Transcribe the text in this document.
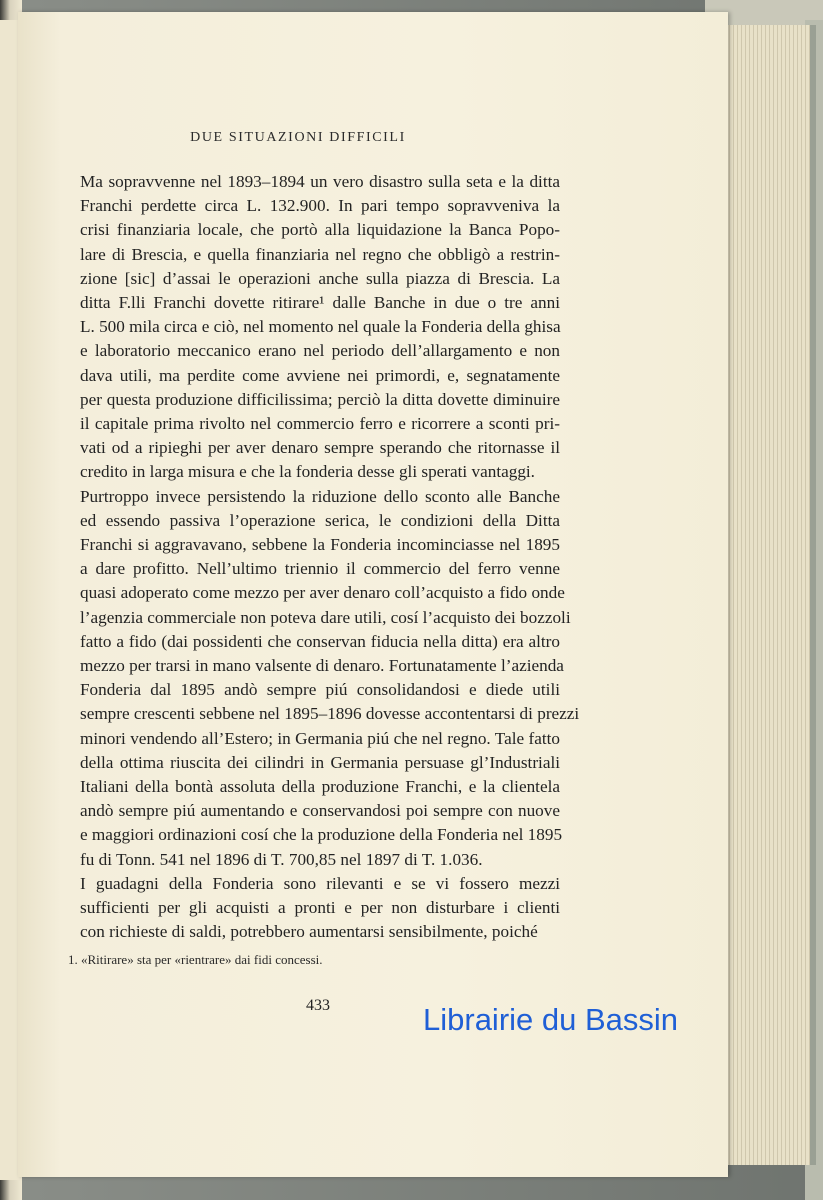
DUE SITUAZIONI DIFFICILI
Ma sopravvenne nel 1893–1894 un vero disastro sulla seta e la ditta
Franchi perdette circa L. 132.900. In pari tempo sopravveniva la
crisi finanziaria locale, che portò alla liquidazione la Banca Popo-
lare di Brescia, e quella finanziaria nel regno che obbligò a restrin-
zione [sic] d’assai le operazioni anche sulla piazza di Brescia. La
ditta F.lli Franchi dovette ritirare¹ dalle Banche in due o tre anni
L. 500 mila circa e ciò, nel momento nel quale la Fonderia della ghisa
e laboratorio meccanico erano nel periodo dell’allargamento e non
dava utili, ma perdite come avviene nei primordi, e, segnatamente
per questa produzione difficilissima; perciò la ditta dovette diminuire
il capitale prima rivolto nel commercio ferro e ricorrere a sconti pri-
vati od a ripieghi per aver denaro sempre sperando che ritornasse il
credito in larga misura e che la fonderia desse gli sperati vantaggi.
Purtroppo invece persistendo la riduzione dello sconto alle Banche
ed essendo passiva l’operazione serica, le condizioni della Ditta
Franchi si aggravavano, sebbene la Fonderia incominciasse nel 1895
a dare profitto. Nell’ultimo triennio il commercio del ferro venne
quasi adoperato come mezzo per aver denaro coll’acquisto a fido onde
l’agenzia commerciale non poteva dare utili, cosí l’acquisto dei bozzoli
fatto a fido (dai possidenti che conservan fiducia nella ditta) era altro
mezzo per trarsi in mano valsente di denaro. Fortunatamente l’azienda
Fonderia dal 1895 andò sempre piú consolidandosi e diede utili
sempre crescenti sebbene nel 1895–1896 dovesse accontentarsi di prezzi
minori vendendo all’Estero; in Germania piú che nel regno. Tale fatto
della ottima riuscita dei cilindri in Germania persuase gl’Industriali
Italiani della bontà assoluta della produzione Franchi, e la clientela
andò sempre piú aumentando e conservandosi poi sempre con nuove
e maggiori ordinazioni cosí che la produzione della Fonderia nel 1895
fu di Tonn. 541 nel 1896 di T. 700,85 nel 1897 di T. 1.036.
I guadagni della Fonderia sono rilevanti e se vi fossero mezzi
sufficienti per gli acquisti a pronti e per non disturbare i clienti
con richieste di saldi, potrebbero aumentarsi sensibilmente, poiché
1. «Ritirare» sta per «rientrare» dai fidi concessi.
433	Librairie du Bassin
